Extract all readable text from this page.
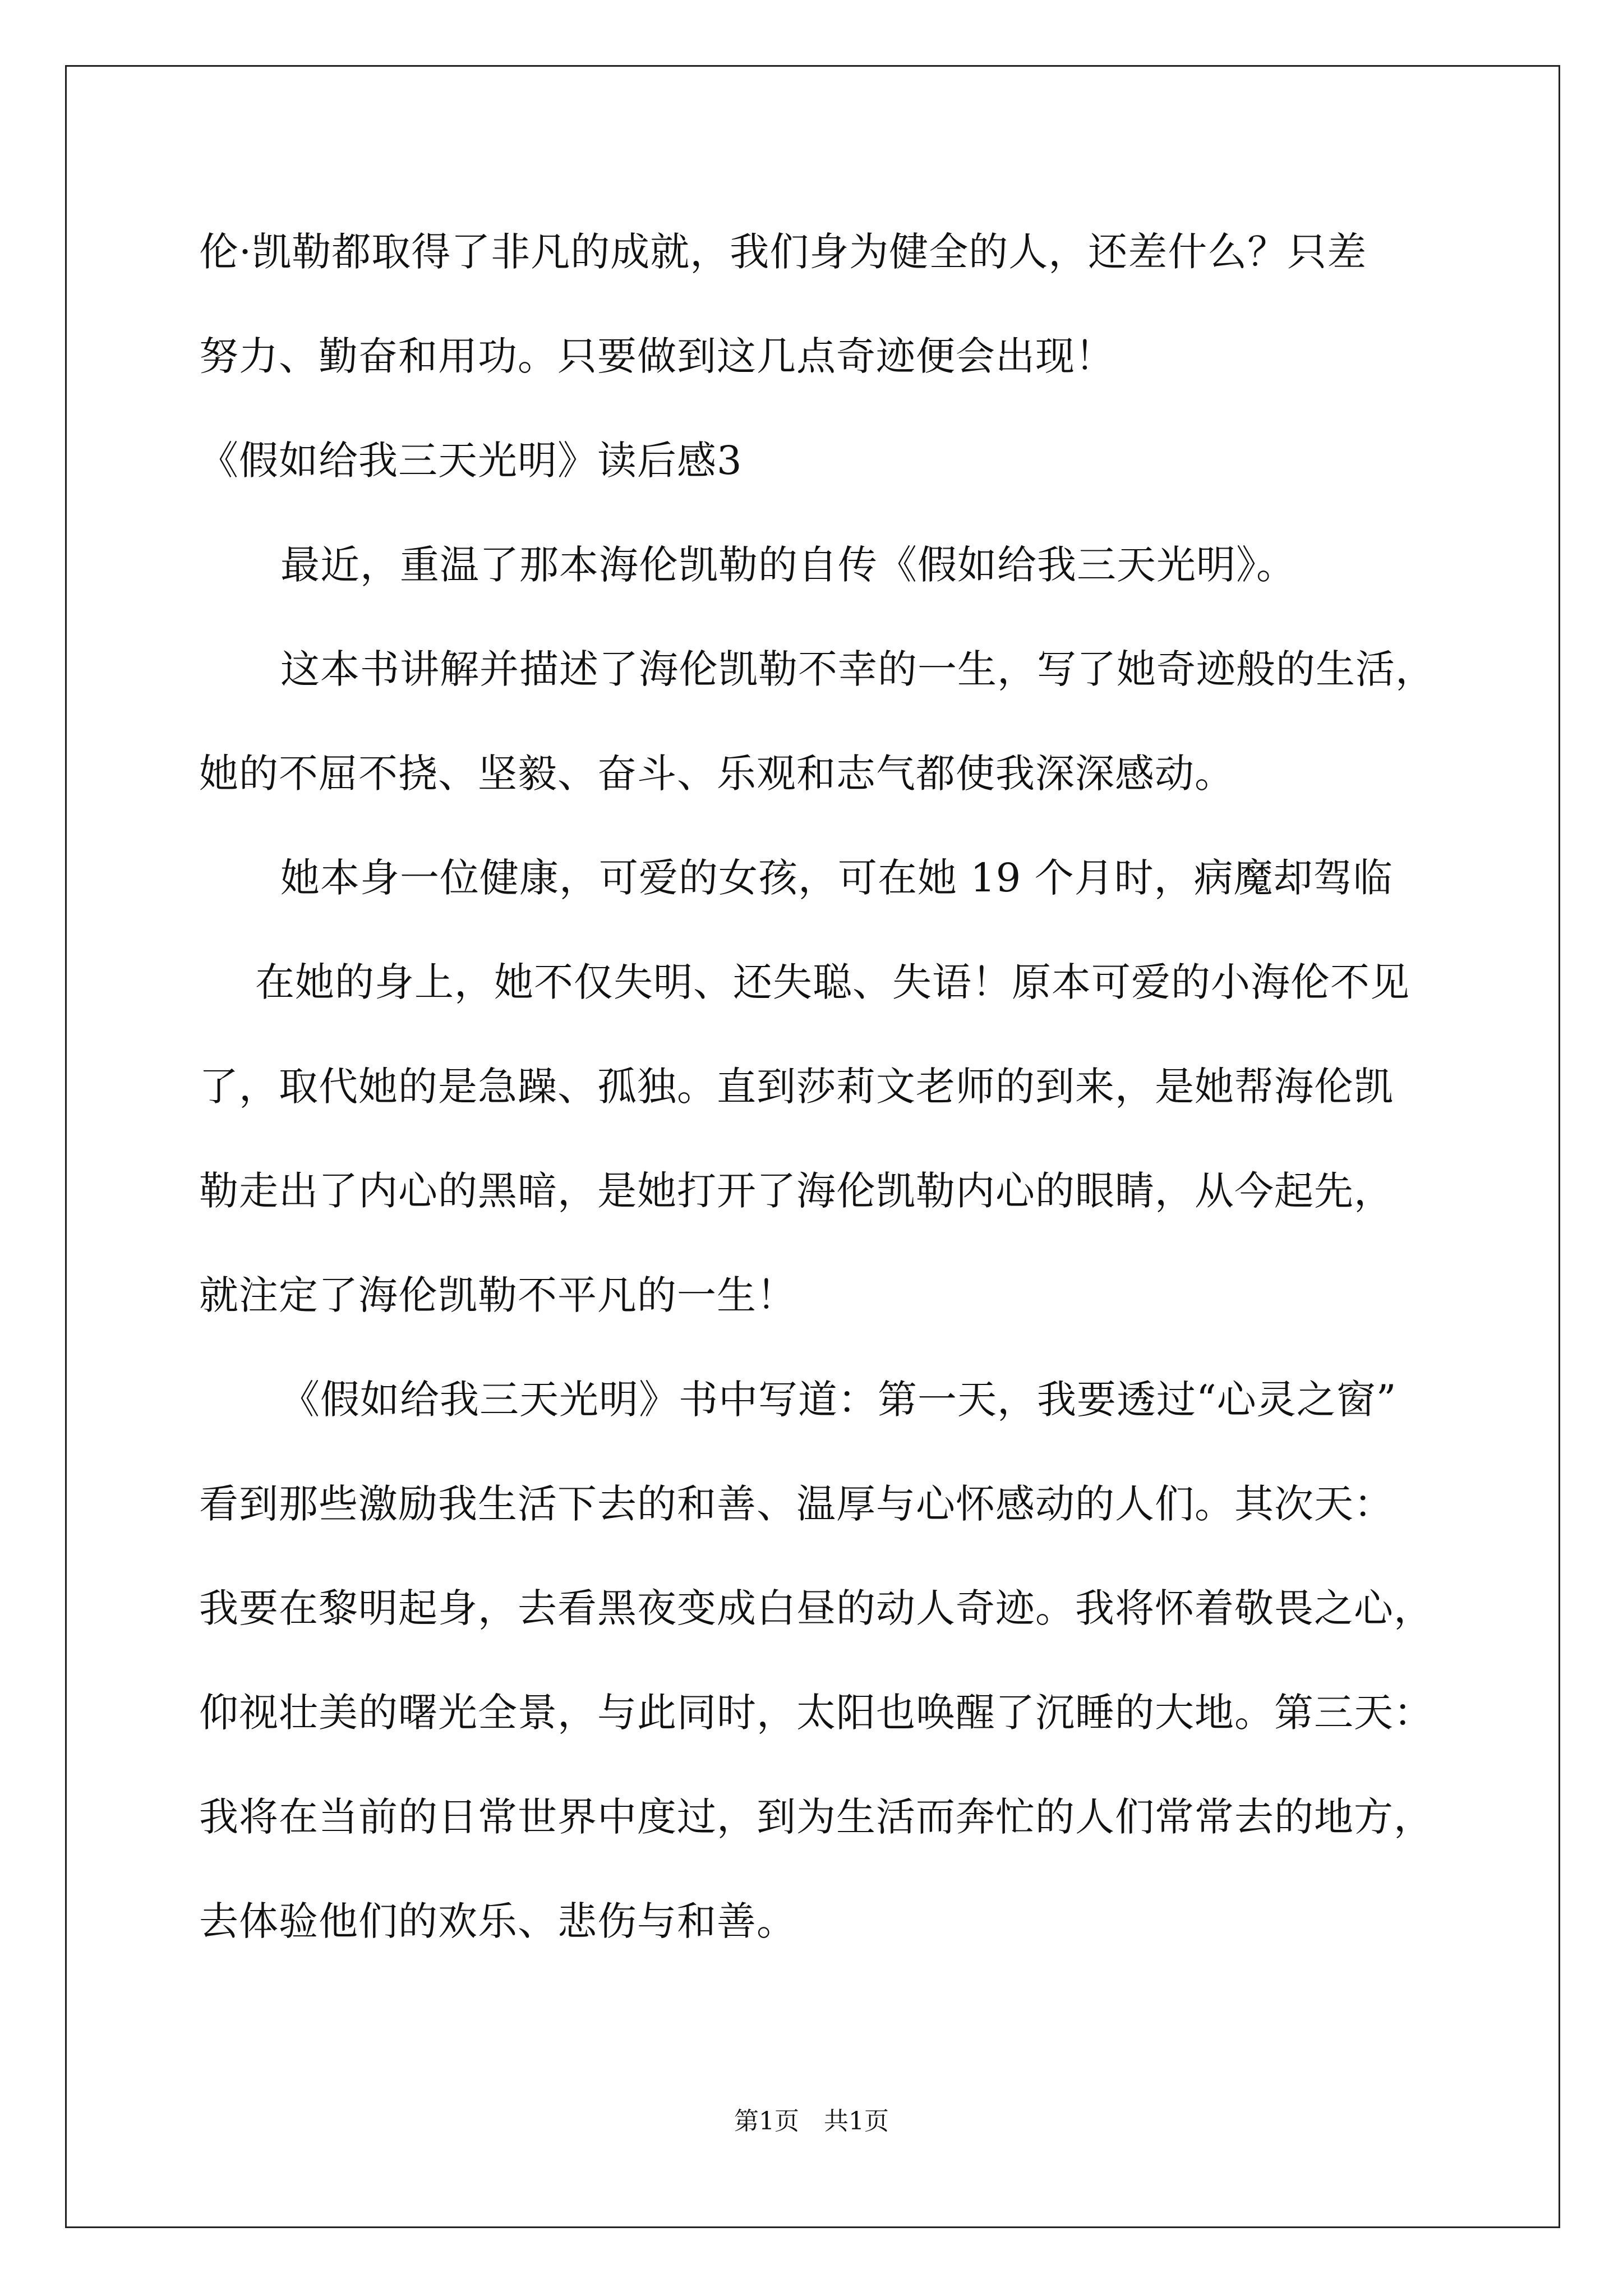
伦·凯勒都取得了非凡的成就，我们身为健全的人，还差什么？只差
努力、勤奋和用功。只要做到这几点奇迹便会出现！
《假如给我三天光明》读后感3
最近，重温了那本海伦凯勒的自传《假如给我三天光明》。
这本书讲解并描述了海伦凯勒不幸的一生，写了她奇迹般的生活，
她的不屈不挠、坚毅、奋斗、乐观和志气都使我深深感动。
她本身一位健康，可爱的女孩，可在她 19 个月时，病魔却驾临
在她的身上，她不仅失明、还失聪、失语！原本可爱的小海伦不见
了，取代她的是急躁、孤独。直到莎莉文老师的到来，是她帮海伦凯
勒走出了内心的黑暗，是她打开了海伦凯勒内心的眼睛，从今起先，
就注定了海伦凯勒不平凡的一生！
《假如给我三天光明》书中写道：第一天，我要透过“心灵之窗”
看到那些激励我生活下去的和善、温厚与心怀感动的人们。其次天：
我要在黎明起身，去看黑夜变成白昼的动人奇迹。我将怀着敬畏之心，
仰视壮美的曙光全景，与此同时，太阳也唤醒了沉睡的大地。第三天：
我将在当前的日常世界中度过，到为生活而奔忙的人们常常去的地方，
去体验他们的欢乐、悲伤与和善。
第1页　共1页
